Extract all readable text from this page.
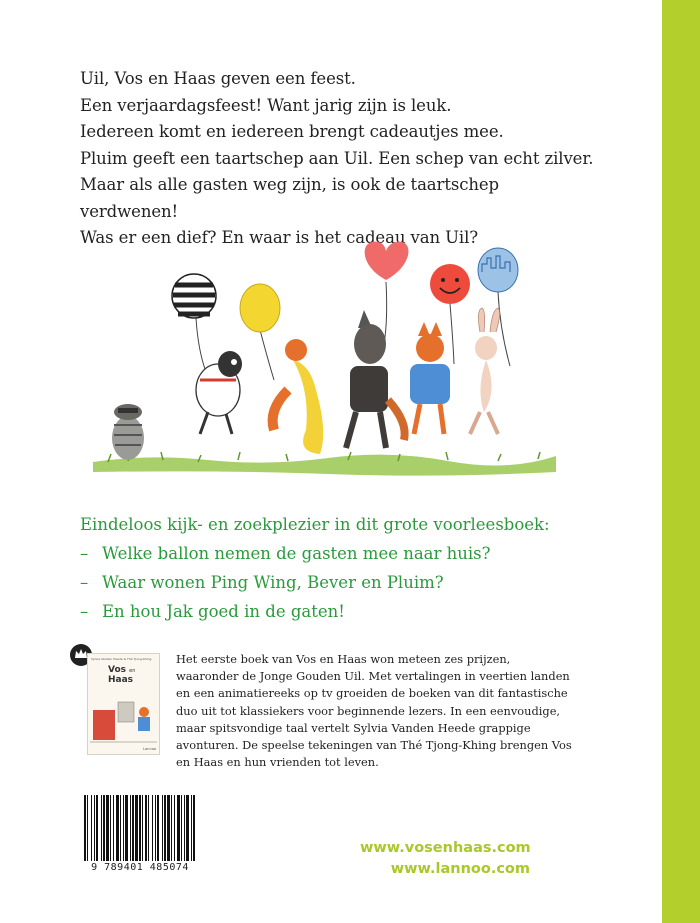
Uil, Vos en Haas geven een feest.

Een verjaardagsfeest! Want jarig zijn is leuk.

Iedereen komt en iedereen brengt cadeautjes mee.

Pluim geeft een taartschep aan Uil. Een schep van echt zilver.

Maar als alle gasten weg zijn, is ook de taartschep verdwenen!

Was er een dief? En waar is het cadeau van Uil?

Eindeloos kijk- en zoekplezier in dit grote voorleesboek:

– Welke ballon nemen de gasten mee naar huis?

– Waar wonen Ping Wing, Bever en Pluim?

– En hou Jak goed in de gaten!

Sylvia Vanden Heede & Thé Tjong-Khing
Vos en
Haas
Lannoo
Het eerste boek van Vos en Haas won meteen zes prijzen, waaronder de Jonge Gouden Uil. Met vertalingen in veertien landen en een animatiereeks op tv groeiden de boeken van dit fantastische duo uit tot klassiekers voor beginnende lezers. In een eenvoudige, maar spitsvondige taal vertelt Sylvia Vanden Heede grappige avonturen. De speelse tekeningen van Thé Tjong-Khing brengen Vos en Haas en hun vrienden tot leven.
9 789401 485074
www.vosenhaas.com
www.lannoo.com
